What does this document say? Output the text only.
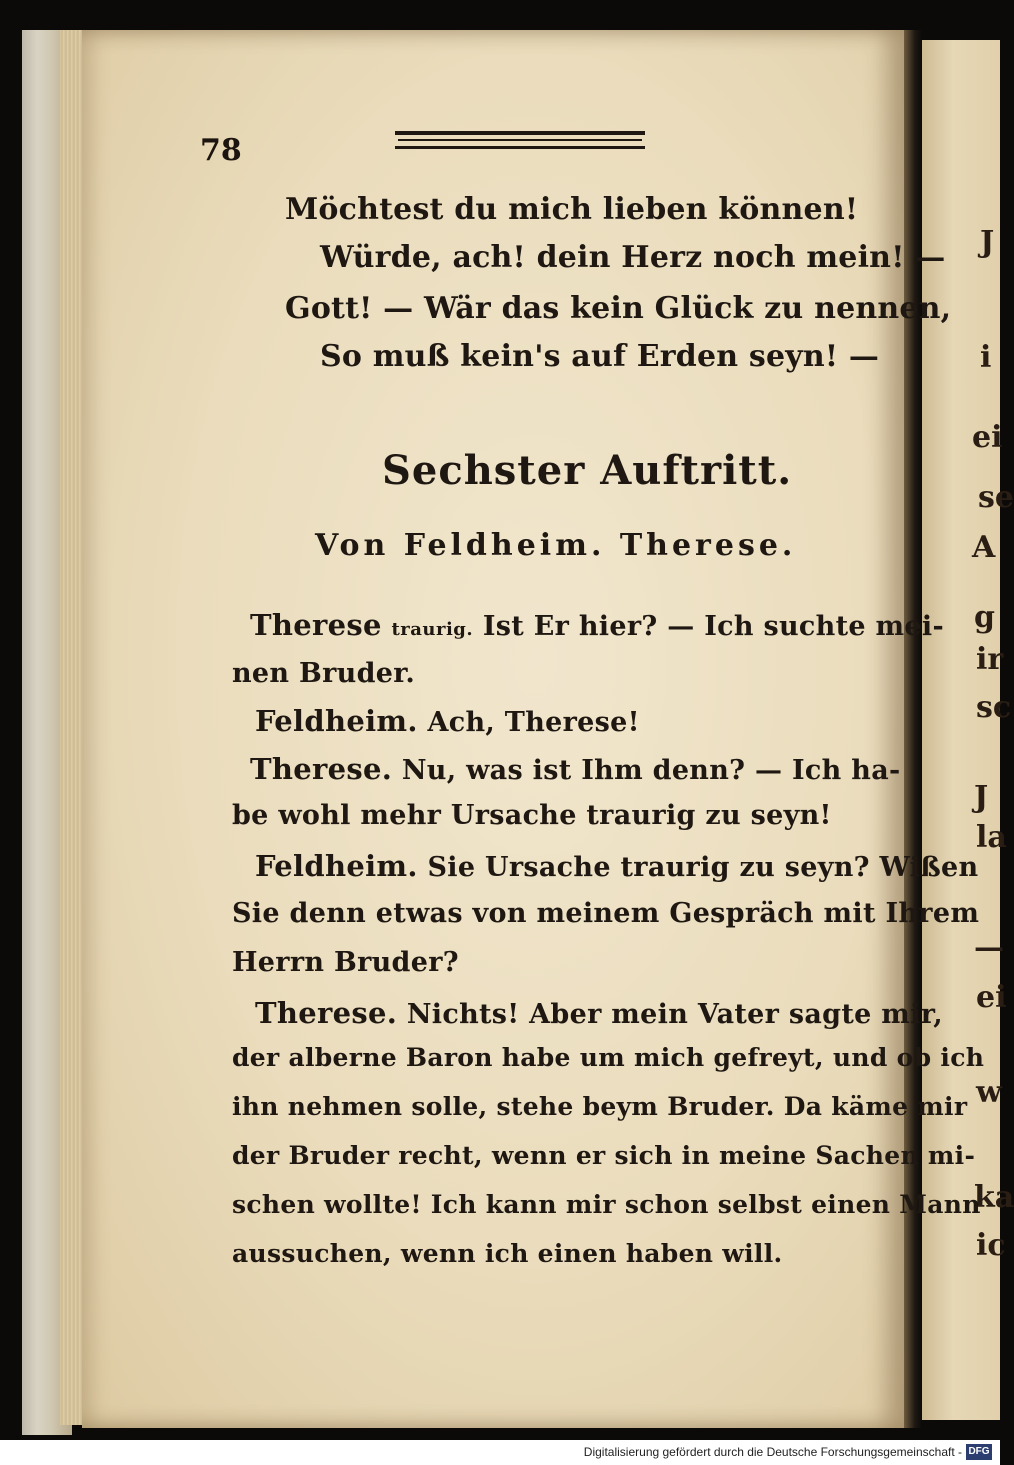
J
i
ei
se
A
g
ir
sc
J
la
—
ei
w
ka
ic
78
Möchtest du mich lieben können!
Würde, ach! dein Herz noch mein! —
Gott! — Wär das kein Glück zu nennen,
So muß kein's auf Erden seyn! —
Sechster Auftritt.
Von Feldheim. Therese.
Therese traurig. Ist Er hier? — Ich suchte mei-
nen Bruder.
Feldheim. Ach, Therese!
Therese. Nu, was ist Ihm denn? — Ich ha-
be wohl mehr Ursache traurig zu seyn!
Feldheim. Sie Ursache traurig zu seyn? Wißen
Sie denn etwas von meinem Gespräch mit Ihrem
Herrn Bruder?
Therese. Nichts! Aber mein Vater sagte mir,
der alberne Baron habe um mich gefreyt, und ob ich
ihn nehmen solle, stehe beym Bruder. Da käme mir
der Bruder recht, wenn er sich in meine Sachen mi-
schen wollte! Ich kann mir schon selbst einen Mann
aussuchen, wenn ich einen haben will.
Digitalisierung gefördert durch die Deutsche Forschungsgemeinschaft - DFG
